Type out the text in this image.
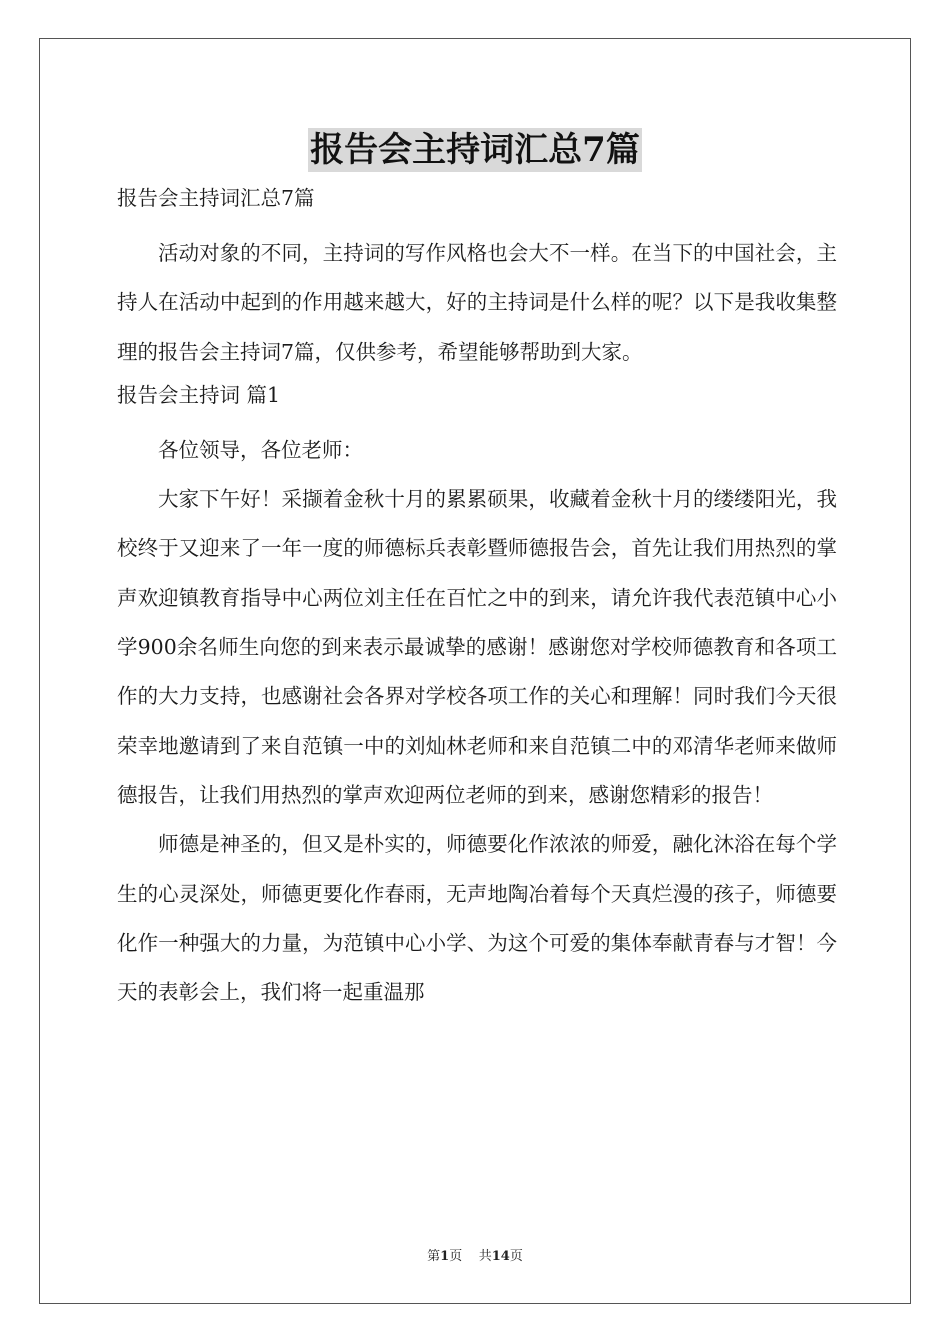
报告会主持词汇总7篇

报告会主持词汇总7篇

活动对象的不同，主持词的写作风格也会大不一样。在当下的中国社会，主持人在活动中起到的作用越来越大，好的主持词是什么样的呢？以下是我收集整理的报告会主持词7篇，仅供参考，希望能够帮助到大家。

报告会主持词 篇1

各位领导，各位老师：

大家下午好！采撷着金秋十月的累累硕果，收藏着金秋十月的缕缕阳光，我校终于又迎来了一年一度的师德标兵表彰暨师德报告会，首先让我们用热烈的掌声欢迎镇教育指导中心两位刘主任在百忙之中的到来，请允许我代表范镇中心小学900余名师生向您的到来表示最诚挚的感谢！感谢您对学校师德教育和各项工作的大力支持，也感谢社会各界对学校各项工作的关心和理解！同时我们今天很荣幸地邀请到了来自范镇一中的刘灿林老师和来自范镇二中的邓清华老师来做师德报告，让我们用热烈的掌声欢迎两位老师的到来，感谢您精彩的报告！

师德是神圣的，但又是朴实的，师德要化作浓浓的师爱，融化沐浴在每个学生的心灵深处，师德更要化作春雨，无声地陶冶着每个天真烂漫的孩子，师德要化作一种强大的力量，为范镇中心小学、为这个可爱的集体奉献青春与才智！今天的表彰会上，我们将一起重温那

第1页 共14页
